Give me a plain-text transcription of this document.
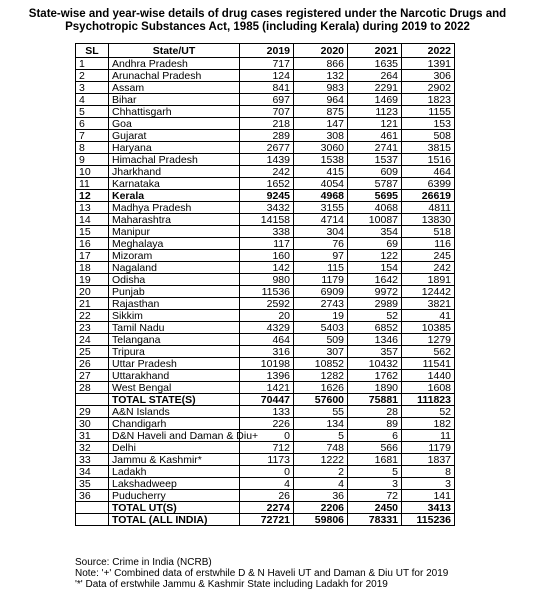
State-wise and year-wise details of drug cases registered under the Narcotic Drugs and
Psychotropic Substances Act, 1985 (including Kerala) during 2019 to 2022
SL	State/UT	2019	2020	2021	2022
1	Andhra Pradesh	717	866	1635	1391
2	Arunachal Pradesh	124	132	264	306
3	Assam	841	983	2291	2902
4	Bihar	697	964	1469	1823
5	Chhattisgarh	707	875	1123	1155
6	Goa	218	147	121	153
7	Gujarat	289	308	461	508
8	Haryana	2677	3060	2741	3815
9	Himachal Pradesh	1439	1538	1537	1516
10	Jharkhand	242	415	609	464
11	Karnataka	1652	4054	5787	6399
12	Kerala	9245	4968	5695	26619
13	Madhya Pradesh	3432	3155	4068	4811
14	Maharashtra	14158	4714	10087	13830
15	Manipur	338	304	354	518
16	Meghalaya	117	76	69	116
17	Mizoram	160	97	122	245
18	Nagaland	142	115	154	242
19	Odisha	980	1179	1642	1891
20	Punjab	11536	6909	9972	12442
21	Rajasthan	2592	2743	2989	3821
22	Sikkim	20	19	52	41
23	Tamil Nadu	4329	5403	6852	10385
24	Telangana	464	509	1346	1279
25	Tripura	316	307	357	562
26	Uttar Pradesh	10198	10852	10432	11541
27	Uttarakhand	1396	1282	1762	1440
28	West Bengal	1421	1626	1890	1608
	TOTAL STATE(S)	70447	57600	75881	111823
29	A&N Islands	133	55	28	52
30	Chandigarh	226	134	89	182
31	D&N Haveli and Daman & Diu+	0	5	6	11
32	Delhi	712	748	566	1179
33	Jammu & Kashmir*	1173	1222	1681	1837
34	Ladakh	0	2	5	8
35	Lakshadweep	4	4	3	3
36	Puducherry	26	36	72	141
	TOTAL UT(S)	2274	2206	2450	3413
	TOTAL (ALL INDIA)	72721	59806	78331	115236
Source: Crime in India (NCRB)
Note: '+' Combined data of erstwhile D & N Haveli UT and Daman & Diu UT for 2019
'*' Data of erstwhile Jammu & Kashmir State including Ladakh for 2019
